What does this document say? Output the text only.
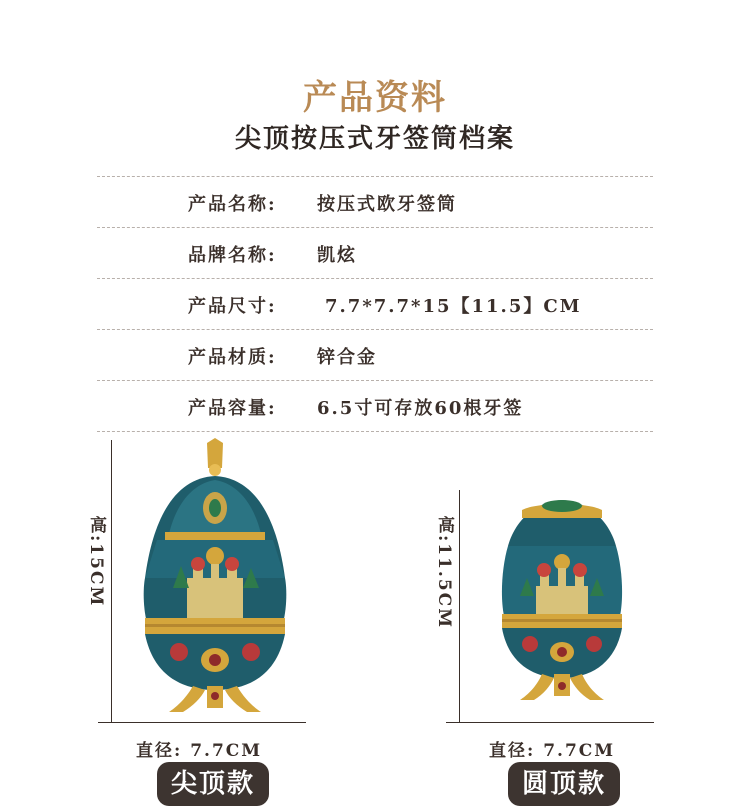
产品资料
尖顶按压式牙签筒档案
产品名称: 按压式欧牙签筒
品牌名称: 凯炫
产品尺寸:	7.7*7.7*15【11.5】CM
产品材质: 锌合金
产品容量: 6.5寸可存放60根牙签
高:15CM
直径: 7.7CM
尖顶款
高:11.5CM
直径: 7.7CM
圆顶款
